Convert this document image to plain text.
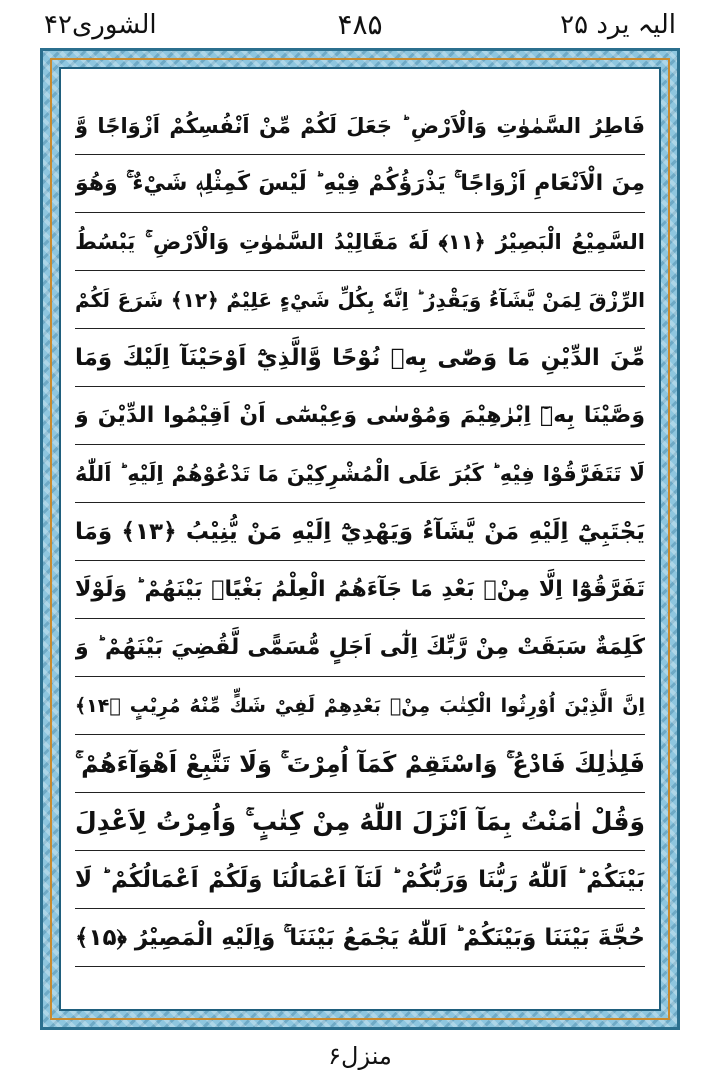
الیہ یرد ۲۵
۴۸۵
الشوری۴۲
فَاطِرُ السَّمٰوٰتِ وَالْاَرْضِ ؕ جَعَلَ لَكُمْ مِّنْ اَنْفُسِكُمْ اَزْوَاجًا وَّ
مِنَ الْاَنْعَامِ اَزْوَاجًا ۚ يَذْرَؤُكُمْ فِيْهِ ؕ لَيْسَ كَمِثْلِهٖ شَيْءٌ ۚ وَهُوَ
السَّمِيْعُ الْبَصِيْرُ ﴿۱۱﴾ لَهٗ مَقَالِيْدُ السَّمٰوٰتِ وَالْاَرْضِ ۚ يَبْسُطُ
الرِّزْقَ لِمَنْ يَّشَآءُ وَيَقْدِرُ ؕ اِنَّهٗ بِكُلِّ شَيْءٍ عَلِيْمٌ ﴿۱۲﴾ شَرَعَ لَكُمْ
مِّنَ الدِّيْنِ مَا وَصّٰى بِهٖ نُوْحًا وَّالَّذِيْٓ اَوْحَيْنَآ اِلَيْكَ وَمَا
وَصَّيْنَا بِهٖٓ اِبْرٰهِيْمَ وَمُوْسٰى وَعِيْسٰٓى اَنْ اَقِيْمُوا الدِّيْنَ وَ
لَا تَتَفَرَّقُوْا فِيْهِ ؕ كَبُرَ عَلَى الْمُشْرِكِيْنَ مَا تَدْعُوْهُمْ اِلَيْهِ ؕ اَللّٰهُ
يَجْتَبِيْٓ اِلَيْهِ مَنْ يَّشَآءُ وَيَهْدِيْٓ اِلَيْهِ مَنْ يُّنِيْبُ ﴿۱۳﴾ وَمَا
تَفَرَّقُوْٓا اِلَّا مِنْۢ بَعْدِ مَا جَآءَهُمُ الْعِلْمُ بَغْيًاۢ بَيْنَهُمْ ؕ وَلَوْلَا
كَلِمَةٌ سَبَقَتْ مِنْ رَّبِّكَ اِلٰٓى اَجَلٍ مُّسَمًّى لَّقُضِيَ بَيْنَهُمْ ؕ وَ
اِنَّ الَّذِيْنَ اُوْرِثُوا الْكِتٰبَ مِنْۢ بَعْدِهِمْ لَفِيْ شَكٍّ مِّنْهُ مُرِيْبٍ ﴿۱۴﴾
فَلِذٰلِكَ فَادْعُ ۚ وَاسْتَقِمْ كَمَآ اُمِرْتَ ۚ وَلَا تَتَّبِعْ اَهْوَآءَهُمْ ۚ
وَقُلْ اٰمَنْتُ بِمَآ اَنْزَلَ اللّٰهُ مِنْ كِتٰبٍ ۚ وَاُمِرْتُ لِاَعْدِلَ
بَيْنَكُمْ ؕ اَللّٰهُ رَبُّنَا وَرَبُّكُمْ ؕ لَنَآ اَعْمَالُنَا وَلَكُمْ اَعْمَالُكُمْ ؕ لَا
حُجَّةَ بَيْنَنَا وَبَيْنَكُمْ ؕ اَللّٰهُ يَجْمَعُ بَيْنَنَا ۚ وَاِلَيْهِ الْمَصِيْرُ ﴿۱۵﴾
منزل۶
